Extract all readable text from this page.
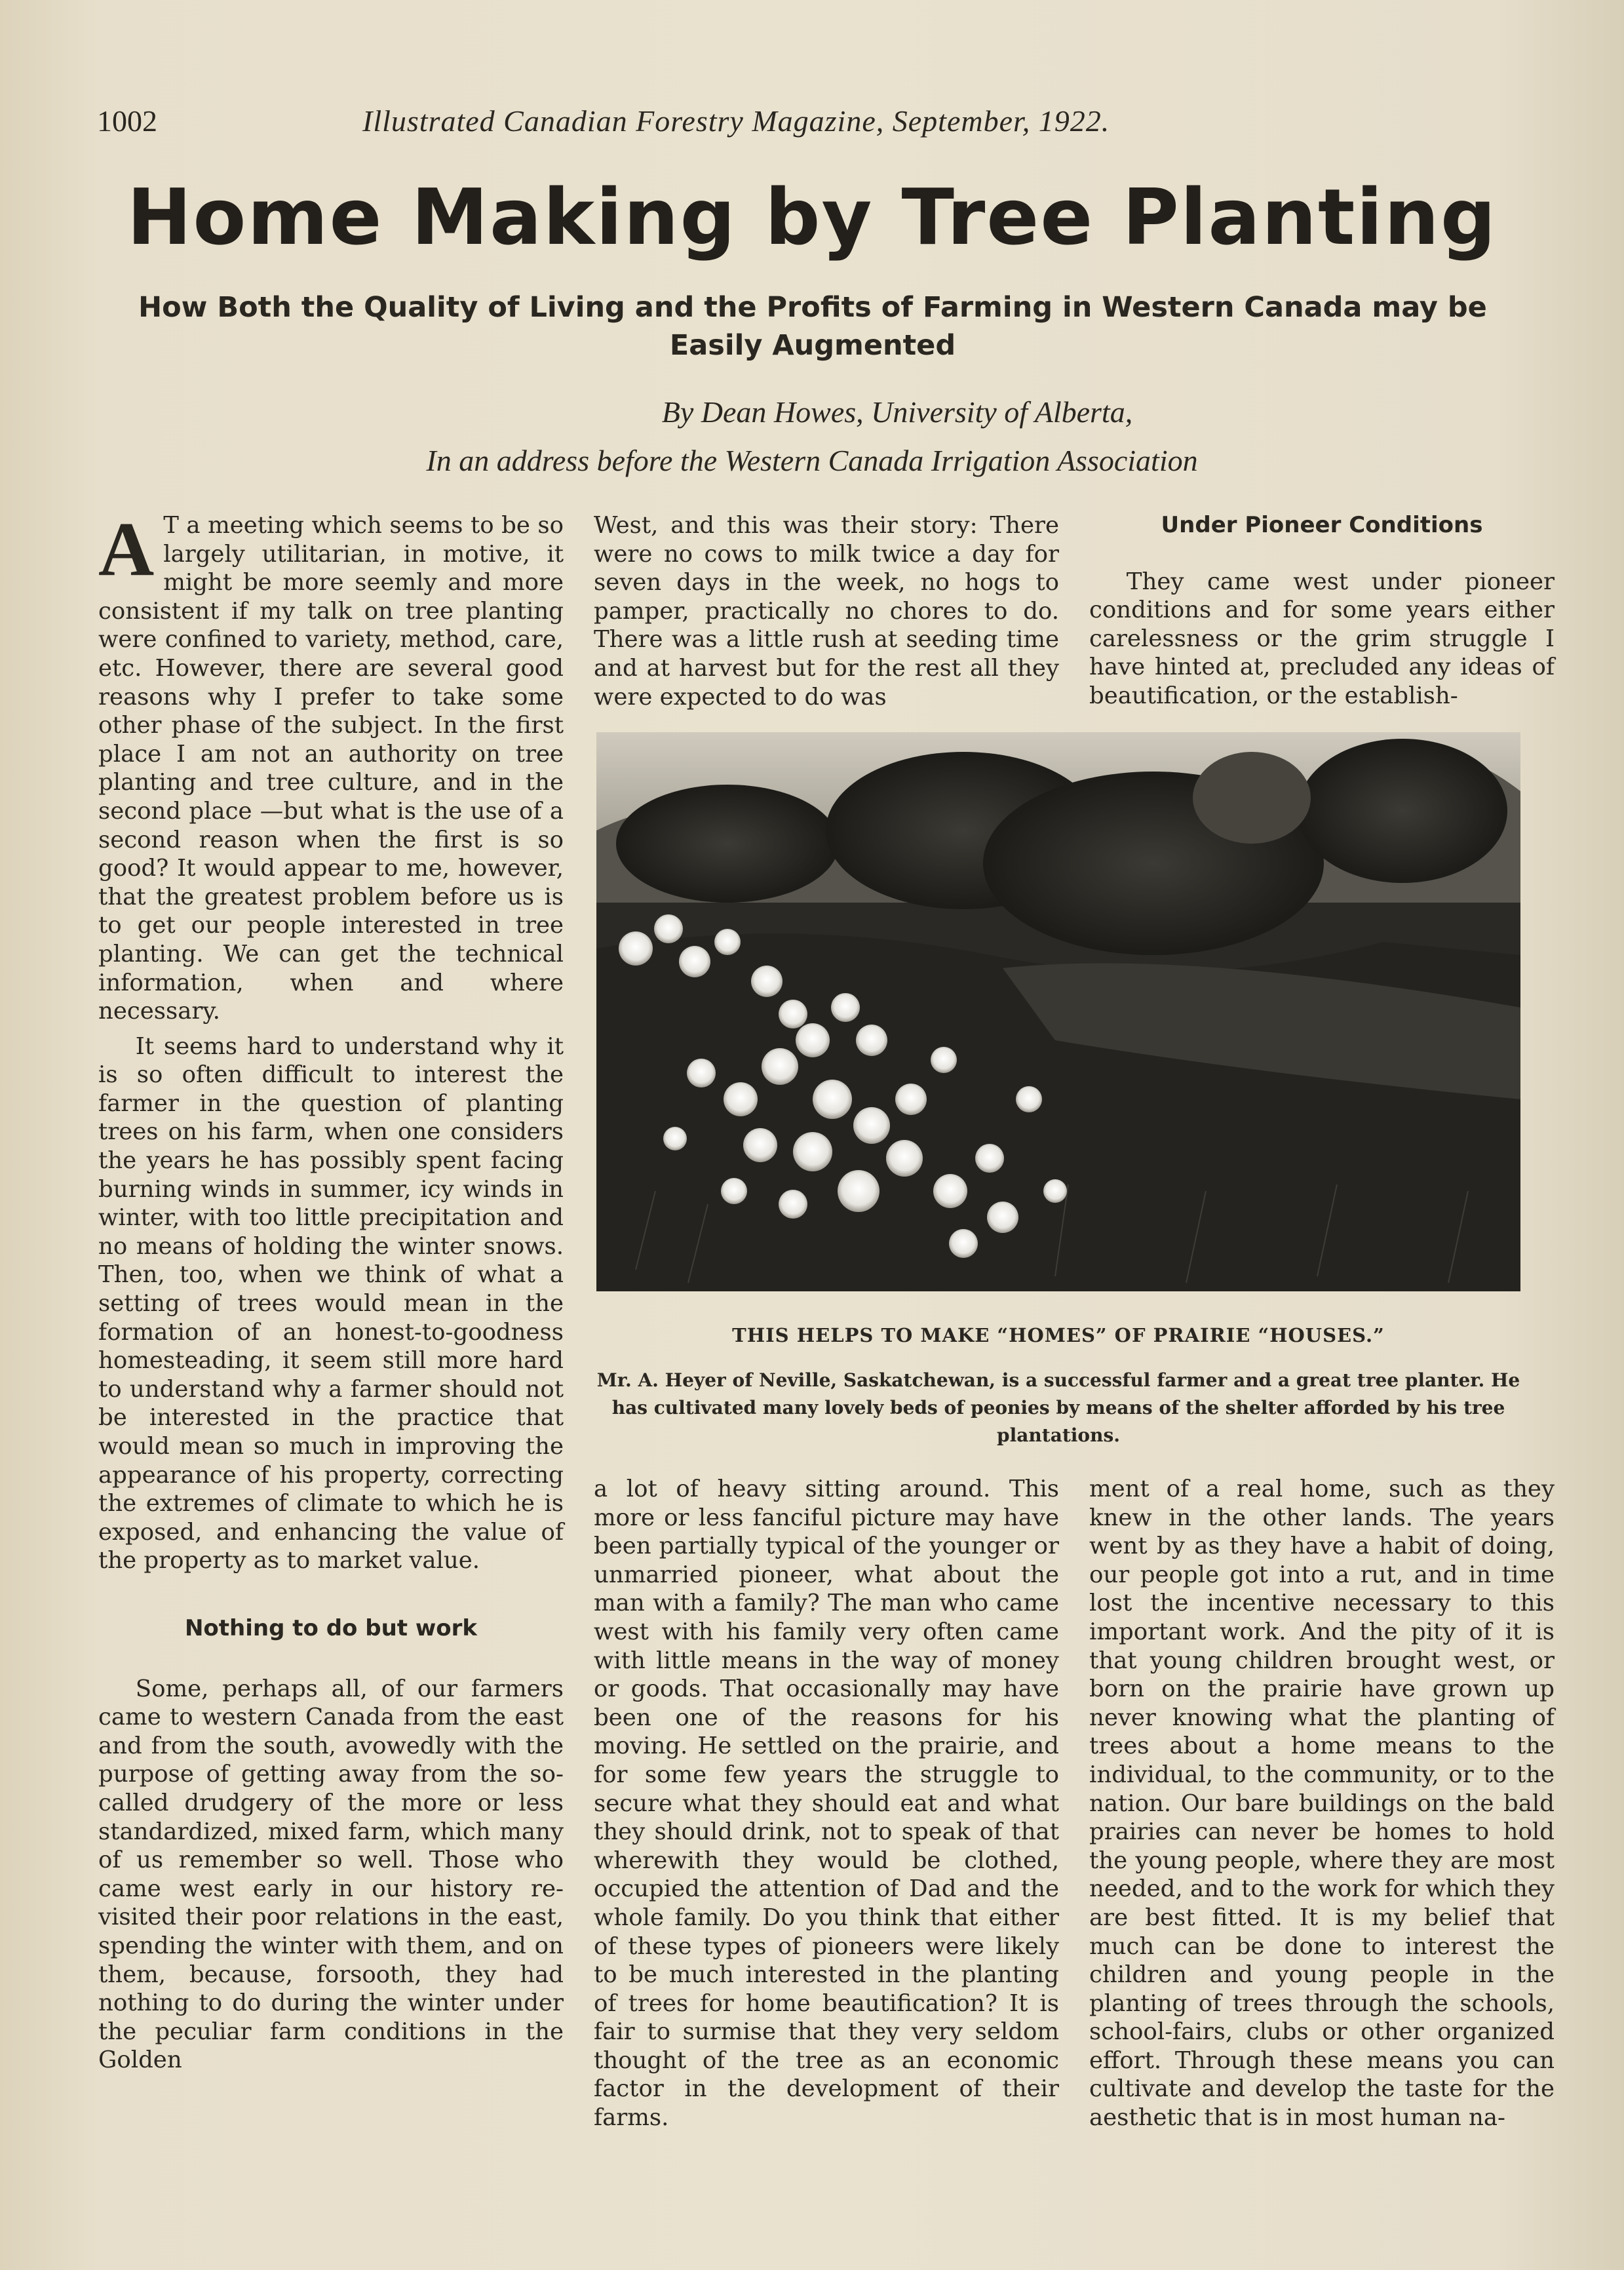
1002	Illustrated Canadian Forestry Magazine, September, 1922.
Home Making by Tree Planting
How Both the Quality of Living and the Profits of Farming in Western Canada may be Easily Augmented
By Dean Howes, University of Alberta,
In an address before the Western Canada Irrigation Association

A T a meeting which seems to be so largely utilitarian, in motive, it might be more seemly and more consistent if my talk on tree planting were confined to variety, method, care, etc. However, there are several good reasons why I prefer to take some other phase of the subject. In the first place I am not an authority on tree planting and tree culture, and in the second place —but what is the use of a second reason when the first is so good? It would appear to me, however, that the greatest problem before us is to get our people interested in tree planting. We can get the technical information, when and where necessary.

It seems hard to understand why it is so often difficult to interest the farmer in the question of planting trees on his farm, when one considers the years he has possibly spent facing burning winds in summer, icy winds in winter, with too little precipitation and no means of holding the winter snows. Then, too, when we think of what a setting of trees would mean in the formation of an honest-to-goodness homesteading, it seem still more hard to understand why a farmer should not be interested in the practice that would mean so much in improving the appearance of his property, correcting the extremes of climate to which he is exposed, and enhancing the value of the property as to market value.

Nothing to do but work

Some, perhaps all, of our farmers came to western Canada from the east and from the south, avowedly with the purpose of getting away from the so-called drudgery of the more or less standardized, mixed farm, which many of us remember so well. Those who came west early in our history re-visited their poor relations in the east, spending the winter with them, and on them, because, forsooth, they had nothing to do during the winter under the peculiar farm conditions in the Golden

West, and this was their story: There were no cows to milk twice a day for seven days in the week, no hogs to pamper, practically no chores to do. There was a little rush at seeding time and at harvest but for the rest all they were expected to do was

Under Pioneer Conditions

They came west under pioneer conditions and for some years either carelessness or the grim struggle I have hinted at, precluded any ideas of beautification, or the establish-

THIS HELPS TO MAKE “HOMES” OF PRAIRIE “HOUSES.”
Mr. A. Heyer of Neville, Saskatchewan, is a successful farmer and a great tree planter. He has cultivated many lovely beds of peonies by means of the shelter afforded by his tree plantations.

a lot of heavy sitting around. This more or less fanciful picture may have been partially typical of the younger or unmarried pioneer, what about the man with a family? The man who came west with his family very often came with little means in the way of money or goods. That occasionally may have been one of the reasons for his moving. He settled on the prairie, and for some few years the struggle to secure what they should eat and what they should drink, not to speak of that wherewith they would be clothed, occupied the attention of Dad and the whole family. Do you think that either of these types of pioneers were likely to be much interested in the planting of trees for home beautification? It is fair to surmise that they very seldom thought of the tree as an economic factor in the development of their farms.

ment of a real home, such as they knew in the other lands. The years went by as they have a habit of doing, our people got into a rut, and in time lost the incentive necessary to this important work. And the pity of it is that young children brought west, or born on the prairie have grown up never knowing what the planting of trees about a home means to the individual, to the community, or to the nation. Our bare buildings on the bald prairies can never be homes to hold the young people, where they are most needed, and to the work for which they are best fitted. It is my belief that much can be done to interest the children and young people in the planting of trees through the schools, school-fairs, clubs or other organized effort. Through these means you can cultivate and develop the taste for the aesthetic that is in most human na-
